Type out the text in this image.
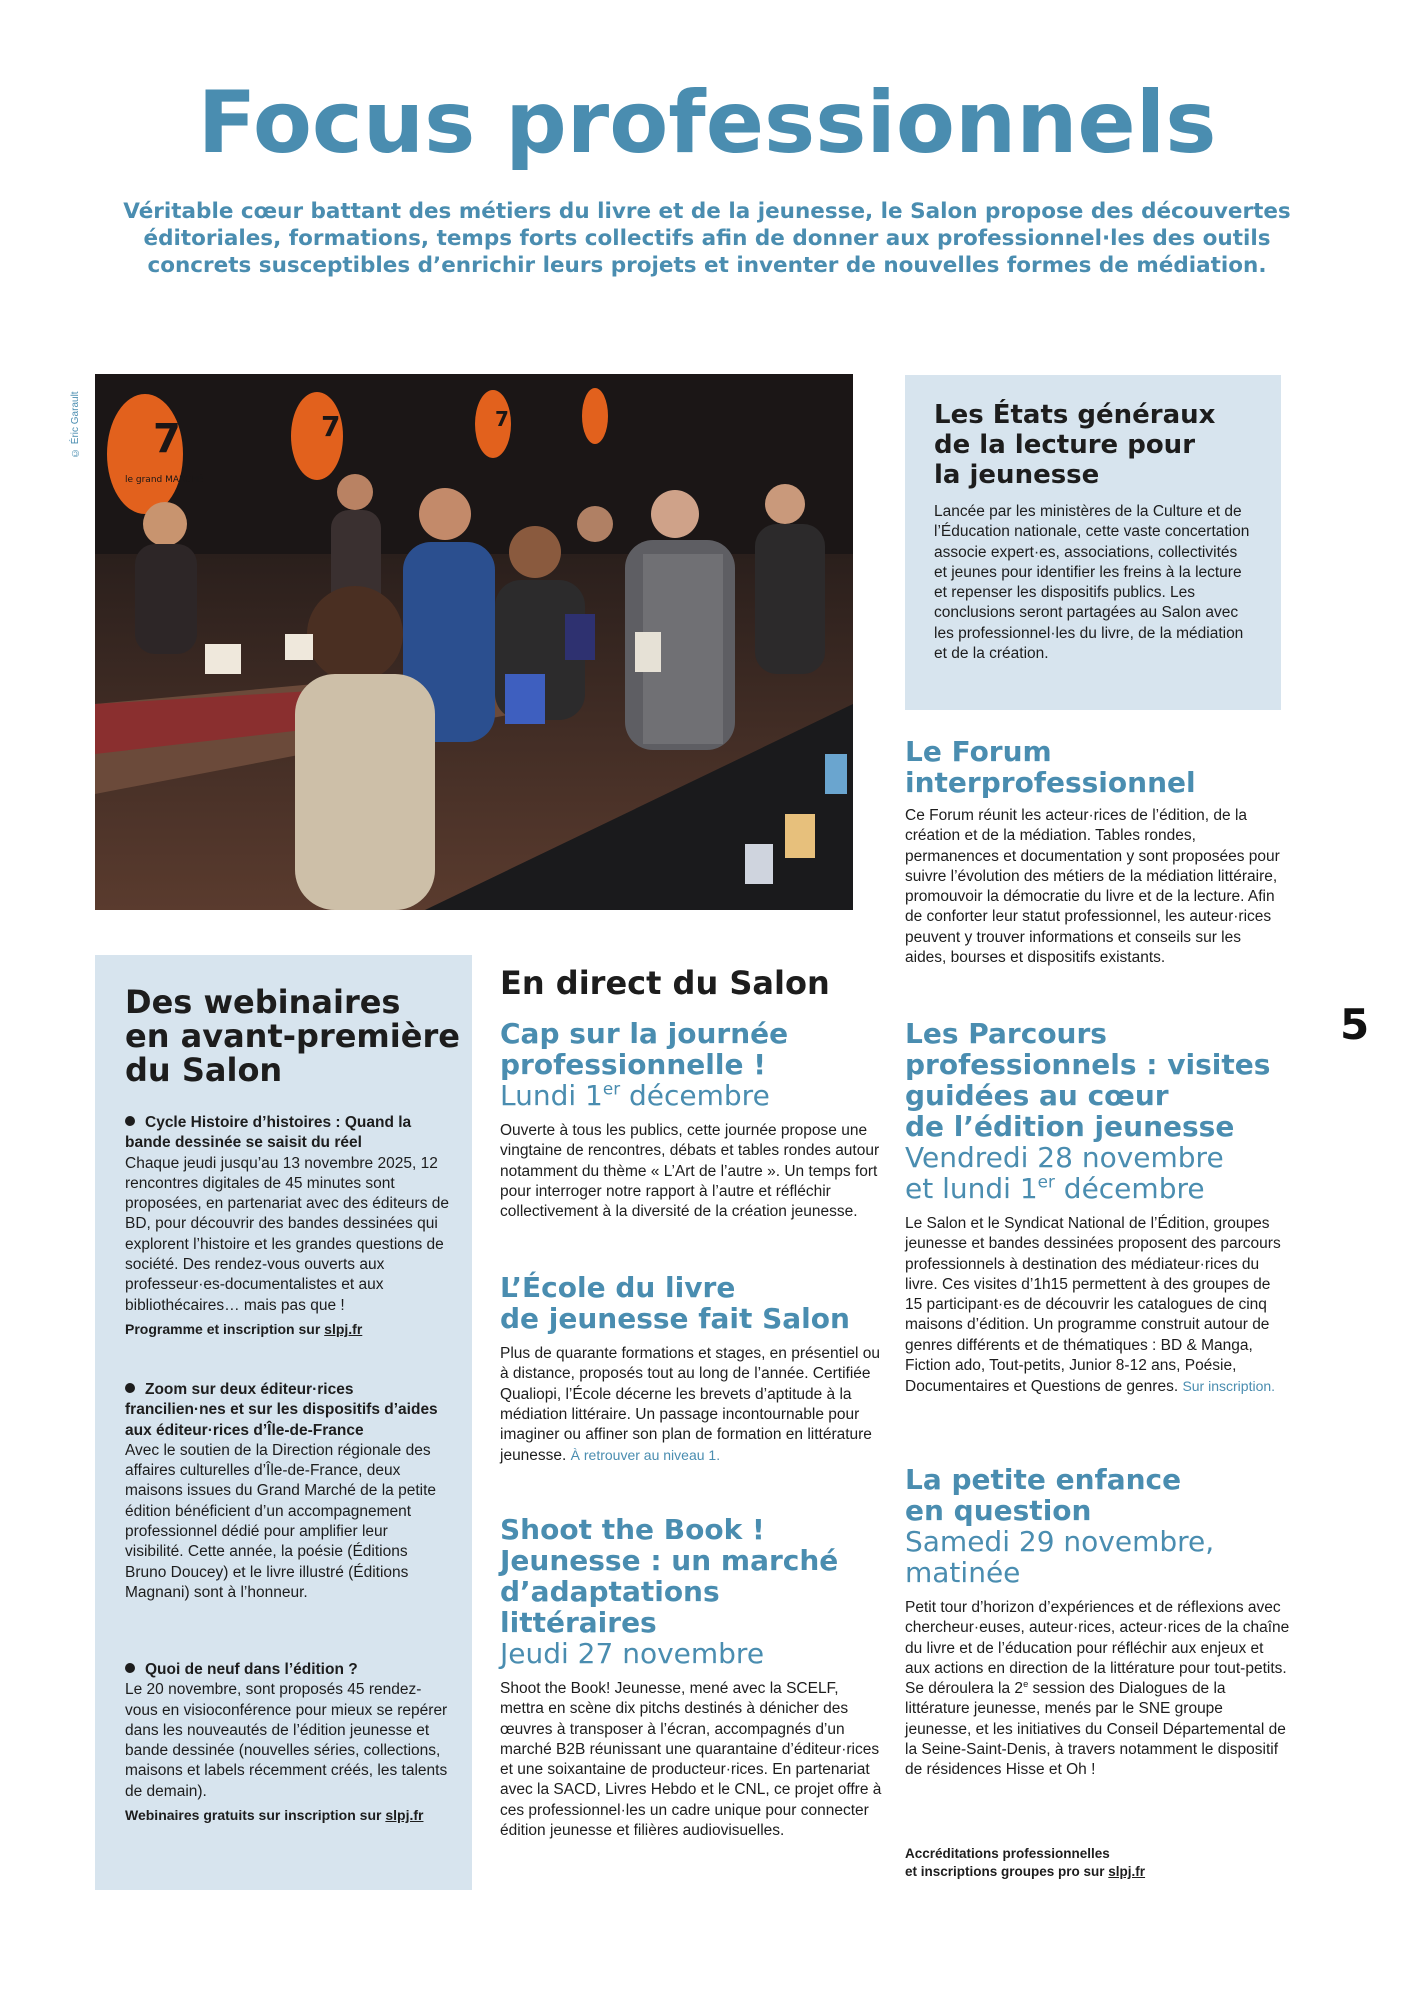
Focus professionnels

Véritable cœur battant des métiers du livre et de la jeunesse, le Salon propose des découvertes éditoriales, formations, temps forts collectifs afin de donner aux professionnel·les des outils concrets susceptibles d’enrichir leurs projets et inventer de nouvelles formes de médiation.

© Éric Garault 7
le grand MARCHÉ
7	7	Les États généraux
de la lecture pour
la jeunesse

Lancée par les ministères de la Culture et de l’Éducation nationale, cette vaste concertation associe expert·es, associations, collectivités et jeunes pour identifier les freins à la lecture et repenser les dispositifs publics. Les conclusions seront partagées au Salon avec les professionnel·les du livre, de la médiation et de la création.

Le Forum
interprofessionnel

Ce Forum réunit les acteur·rices de l’édition, de la création et de la médiation. Tables rondes, permanences et documentation y sont proposées pour suivre l’évolution des métiers de la médiation littéraire, promouvoir la démocratie du livre et de la lecture. Afin de conforter leur statut professionnel, les auteur·rices peuvent y trouver informations et conseils sur les aides, bourses et dispositifs existants.

5
Des webinaires
en avant-première
du Salon
Cycle Histoire d’histoires : Quand la bande dessinée se saisit du réel

Chaque jeudi jusqu’au 13 novembre 2025, 12 rencontres digitales de 45 minutes sont proposées, en partenariat avec des éditeurs de BD, pour découvrir des bandes dessinées qui explorent l’histoire et les grandes questions de société. Des rendez-vous ouverts aux professeur·es-documentalistes et aux bibliothécaires… mais pas que !

Programme et inscription sur slpj.fr
Zoom sur deux éditeur·rices francilien·nes et sur les dispositifs d’aides aux éditeur·rices d’Île-de-France

Avec le soutien de la Direction régionale des affaires culturelles d’Île-de-France, deux maisons issues du Grand Marché de la petite édition bénéficient d’un accompagnement professionnel dédié pour amplifier leur visibilité. Cette année, la poésie (Éditions Bruno Doucey) et le livre illustré (Éditions Magnani) sont à l’honneur.

Quoi de neuf dans l’édition ?

Le 20 novembre, sont proposés 45 rendez-vous en visioconférence pour mieux se repérer dans les nouveautés de l’édition jeunesse et bande dessinée (nouvelles séries, collections, maisons et labels récemment créés, les talents de demain).

Webinaires gratuits sur inscription sur slpj.fr
En direct du Salon
Cap sur la journée
professionnelle !
Lundi 1er décembre

Ouverte à tous les publics, cette journée propose une vingtaine de rencontres, débats et tables rondes autour notamment du thème « L’Art de l’autre ». Un temps fort pour interroger notre rapport à l’autre et réfléchir collectivement à la diversité de la création jeunesse.

L’École du livre
de jeunesse fait Salon

Plus de quarante formations et stages, en présentiel ou à distance, proposés tout au long de l’année. Certifiée Qualiopi, l’École décerne les brevets d’aptitude à la médiation littéraire. Un passage incontournable pour imaginer ou affiner son plan de formation en littérature jeunesse. À retrouver au niveau 1.

Shoot the Book !
Jeunesse : un marché
d’adaptations littéraires
Jeudi 27 novembre

Shoot the Book! Jeunesse, mené avec la SCELF, mettra en scène dix pitchs destinés à dénicher des œuvres à transposer à l’écran, accompagnés d’un marché B2B réunissant une quarantaine d’éditeur·rices et une soixantaine de producteur·rices. En partenariat avec la SACD, Livres Hebdo et le CNL, ce projet offre à ces professionnel·les un cadre unique pour connecter édition jeunesse et filières audiovisuelles.

Les Parcours
professionnels : visites
guidées au cœur
de l’édition jeunesse
Vendredi 28 novembre
et lundi 1er décembre

Le Salon et le Syndicat National de l’Édition, groupes jeunesse et bandes dessinées proposent des parcours professionnels à destination des médiateur·rices du livre. Ces visites d’1h15 permettent à des groupes de 15 participant·es de découvrir les catalogues de cinq maisons d’édition. Un programme construit autour de genres différents et de thématiques : BD & Manga, Fiction ado, Tout-petits, Junior 8-12 ans, Poésie, Documentaires et Questions de genres. Sur inscription.

La petite enfance
en question
Samedi 29 novembre,
matinée

Petit tour d’horizon d’expériences et de réflexions avec chercheur·euses, auteur·rices, acteur·rices de la chaîne du livre et de l’éducation pour réfléchir aux enjeux et aux actions en direction de la littérature pour tout-petits. Se déroulera la 2e session des Dialogues de la littérature jeunesse, menés par le SNE groupe jeunesse, et les initiatives du Conseil Départemental de la Seine-Saint-Denis, à travers notamment le dispositif de résidences Hisse et Oh !

Accréditations professionnelles
et inscriptions groupes pro sur slpj.fr
